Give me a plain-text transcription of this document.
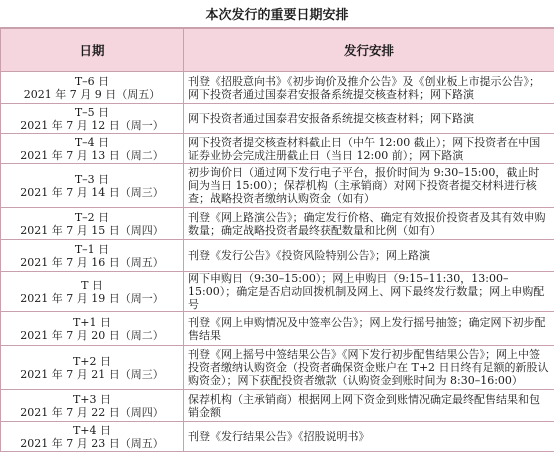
本次发行的重要日期安排
日期	发行安排

T–6 日
2021 年 7 月 9 日（周五）	刊登《招股意向书》《初步询价及推介公告》及《创业板上市提示公告》；网下投资者通过国泰君安报备系统提交核查材料；网下路演

T–5 日
2021 年 7 月 12 日（周一）	网下投资者通过国泰君安报备系统提交核查材料；网下路演

T–4 日
2021 年 7 月 13 日（周二）	网下投资者提交核查材料截止日（中午 12:00 截止）；网下投资者在中国证券业协会完成注册截止日（当日 12:00 前）；网下路演

T–3 日
2021 年 7 月 14 日（周三）	初步询价日（通过网下发行电子平台，报价时间为 9:30–15:00，截止时间为当日 15:00）；保荐机构（主承销商）对网下投资者提交材料进行核查；战略投资者缴纳认购资金（如有）

T–2 日
2021 年 7 月 15 日（周四）	刊登《网上路演公告》；确定发行价格、确定有效报价投资者及其有效申购数量；确定战略投资者最终获配数量和比例（如有）

T–1 日
2021 年 7 月 16 日（周五）	刊登《发行公告》《投资风险特别公告》；网上路演

T 日
2021 年 7 月 19 日（周一）	网下申购日（9:30–15:00）；网上申购日（9:15–11:30，13:00–15:00）；确定是否启动回拨机制及网上、网下最终发行数量；网上申购配号

T+1 日
2021 年 7 月 20 日（周二）	刊登《网上申购情况及中签率公告》；网上发行摇号抽签；确定网下初步配售结果

T+2 日
2021 年 7 月 21 日（周三）	刊登《网上摇号中签结果公告》《网下发行初步配售结果公告》；网上中签投资者缴纳认购资金（投资者确保资金账户在 T+2 日日终有足额的新股认购资金）；网下获配投资者缴款（认购资金到账时间为 8:30–16:00）

T+3 日
2021 年 7 月 22 日（周四）	保荐机构（主承销商）根据网上网下资金到账情况确定最终配售结果和包销金额

T+4 日
2021 年 7 月 23 日（周五）	刊登《发行结果公告》《招股说明书》
